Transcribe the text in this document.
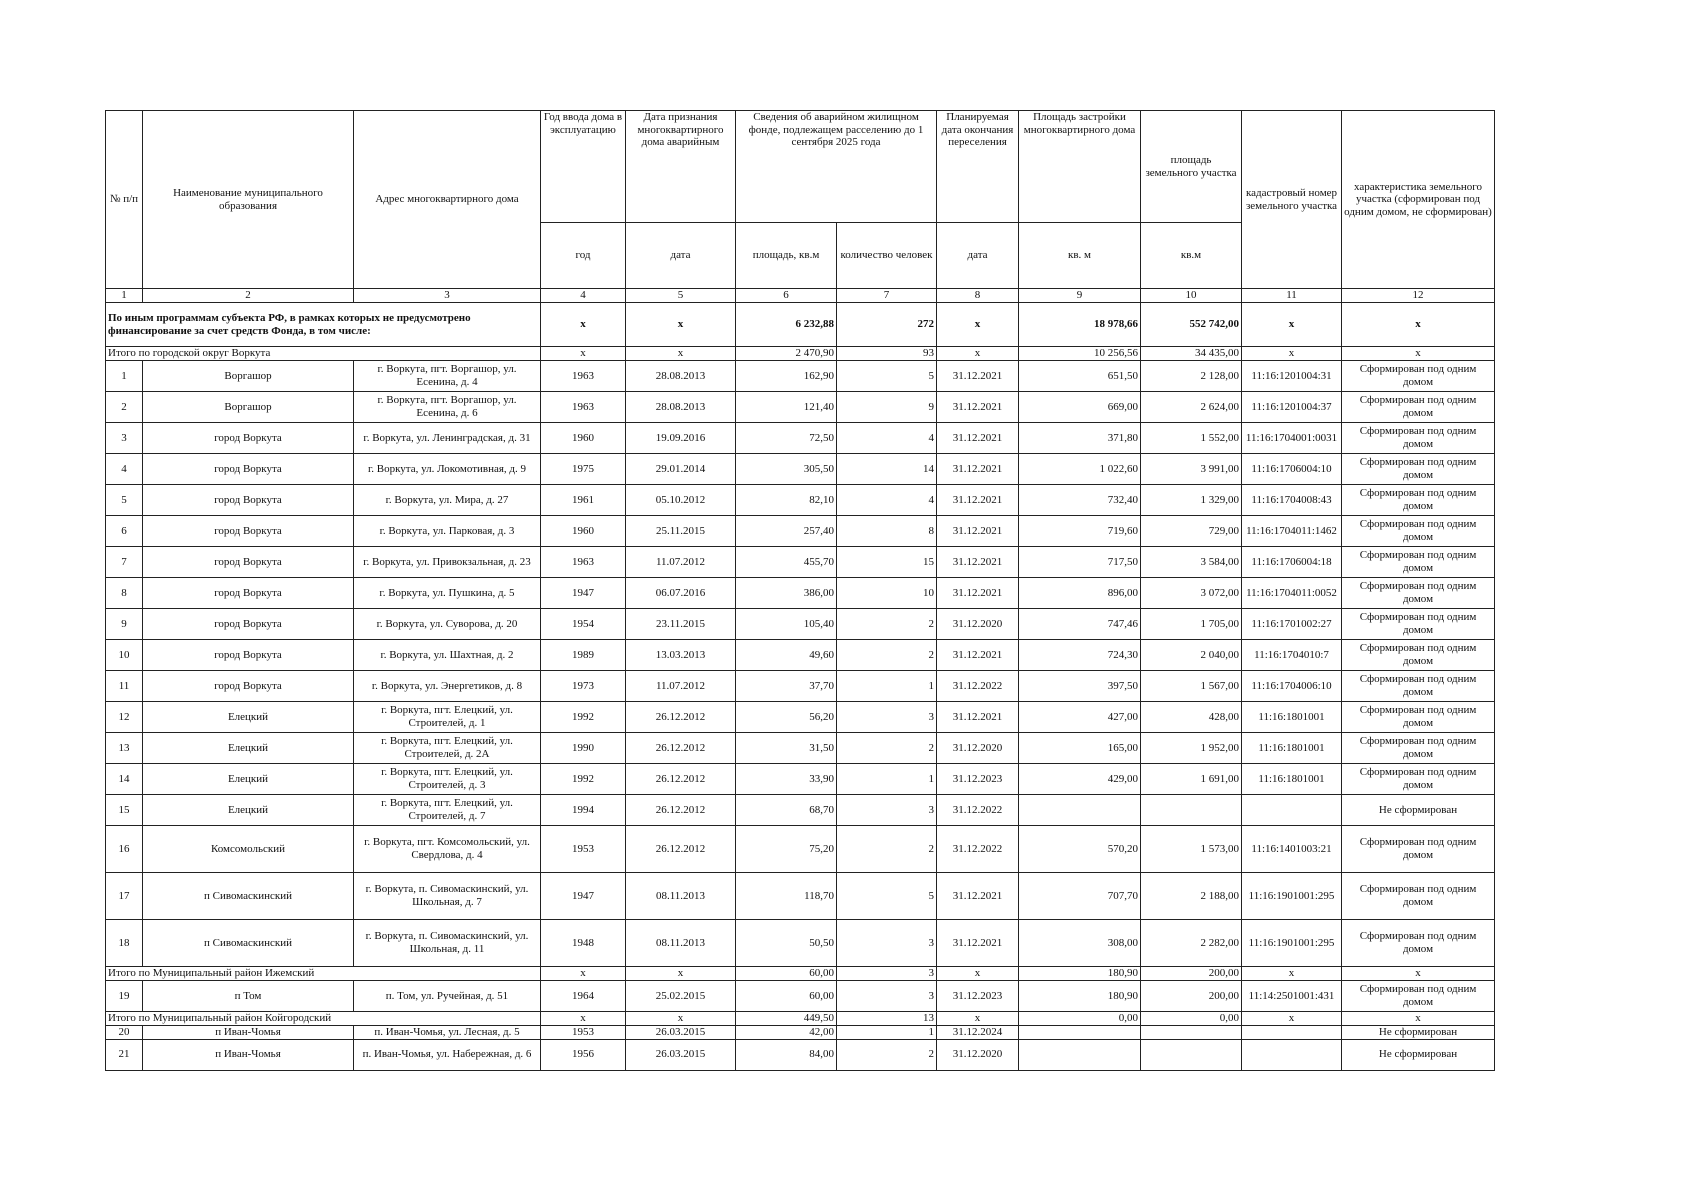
№ п/п	Наименование муниципального образования	Адрес многоквартирного дома	Год ввода дома в эксплуатацию	Дата признания многоквартирного дома аварийным	Сведения об аварийном жилищном фонде, подлежащем расселению до 1 сентября 2025 года		Планируемая дата окончания переселения	Площадь застройки многоквартирного дома	площадь земельного участка	кадастровый номер земельного участка	характеристика земельного участка (сформирован под одним домом, не сформирован)
			год	дата	площадь, кв.м	количество человек	дата	кв. м	кв.м		
1	2	3	4	5	6	7	8	9	10	11	12
По иным программам субъекта РФ, в рамках которых не предусмотрено финансирование за счет средств Фонда, в том числе:			х	х	6 232,88	272	х	18 978,66	552 742,00	х	х
Итого по городской округ Воркута			х	х	2 470,90	93	х	10 256,56	34 435,00	х	х
1	Воргашор	г. Воркута, пгт. Воргашор, ул. Есенина, д. 4	1963	28.08.2013	162,90	5	31.12.2021	651,50	2 128,00	11:16:1201004:31	Сформирован под одним домом
2	Воргашор	г. Воркута, пгт. Воргашор, ул. Есенина, д. 6	1963	28.08.2013	121,40	9	31.12.2021	669,00	2 624,00	11:16:1201004:37	Сформирован под одним домом
3	город Воркута	г. Воркута, ул. Ленинградская, д. 31	1960	19.09.2016	72,50	4	31.12.2021	371,80	1 552,00	11:16:1704001:0031	Сформирован под одним домом
4	город Воркута	г. Воркута, ул. Локомотивная, д. 9	1975	29.01.2014	305,50	14	31.12.2021	1 022,60	3 991,00	11:16:1706004:10	Сформирован под одним домом
5	город Воркута	г. Воркута, ул. Мира, д. 27	1961	05.10.2012	82,10	4	31.12.2021	732,40	1 329,00	11:16:1704008:43	Сформирован под одним домом
6	город Воркута	г. Воркута, ул. Парковая, д. 3	1960	25.11.2015	257,40	8	31.12.2021	719,60	729,00	11:16:1704011:1462	Сформирован под одним домом
7	город Воркута	г. Воркута, ул. Привокзальная, д. 23	1963	11.07.2012	455,70	15	31.12.2021	717,50	3 584,00	11:16:1706004:18	Сформирован под одним домом
8	город Воркута	г. Воркута, ул. Пушкина, д. 5	1947	06.07.2016	386,00	10	31.12.2021	896,00	3 072,00	11:16:1704011:0052	Сформирован под одним домом
9	город Воркута	г. Воркута, ул. Суворова, д. 20	1954	23.11.2015	105,40	2	31.12.2020	747,46	1 705,00	11:16:1701002:27	Сформирован под одним домом
10	город Воркута	г. Воркута, ул. Шахтная, д. 2	1989	13.03.2013	49,60	2	31.12.2021	724,30	2 040,00	11:16:1704010:7	Сформирован под одним домом
11	город Воркута	г. Воркута, ул. Энергетиков, д. 8	1973	11.07.2012	37,70	1	31.12.2022	397,50	1 567,00	11:16:1704006:10	Сформирован под одним домом
12	Елецкий	г. Воркута, пгт. Елецкий, ул. Строителей, д. 1	1992	26.12.2012	56,20	3	31.12.2021	427,00	428,00	11:16:1801001	Сформирован под одним домом
13	Елецкий	г. Воркута, пгт. Елецкий, ул. Строителей, д. 2А	1990	26.12.2012	31,50	2	31.12.2020	165,00	1 952,00	11:16:1801001	Сформирован под одним домом
14	Елецкий	г. Воркута, пгт. Елецкий, ул. Строителей, д. 3	1992	26.12.2012	33,90	1	31.12.2023	429,00	1 691,00	11:16:1801001	Сформирован под одним домом
15	Елецкий	г. Воркута, пгт. Елецкий, ул. Строителей, д. 7	1994	26.12.2012	68,70	3	31.12.2022				Не сформирован
16	Комсомольский	г. Воркута, пгт. Комсомольский, ул. Свердлова, д. 4	1953	26.12.2012	75,20	2	31.12.2022	570,20	1 573,00	11:16:1401003:21	Сформирован под одним домом
17	п Сивомаскинский	г. Воркута, п. Сивомаскинский, ул. Школьная, д. 7	1947	08.11.2013	118,70	5	31.12.2021	707,70	2 188,00	11:16:1901001:295	Сформирован под одним домом
18	п Сивомаскинский	г. Воркута, п. Сивомаскинский, ул. Школьная, д. 11	1948	08.11.2013	50,50	3	31.12.2021	308,00	2 282,00	11:16:1901001:295	Сформирован под одним домом
Итого по Муниципальный район Ижемский			х	х	60,00	3	х	180,90	200,00	х	х
19	п Том	п. Том, ул. Ручейная, д. 51	1964	25.02.2015	60,00	3	31.12.2023	180,90	200,00	11:14:2501001:431	Сформирован под одним домом
Итого по Муниципальный район Койгородский			х	х	449,50	13	х	0,00	0,00	х	х
20	п Иван-Чомья	п. Иван-Чомья, ул. Лесная, д. 5	1953	26.03.2015	42,00	1	31.12.2024				Не сформирован
21	п Иван-Чомья	п. Иван-Чомья, ул. Набережная, д. 6	1956	26.03.2015	84,00	2	31.12.2020				Не сформирован
